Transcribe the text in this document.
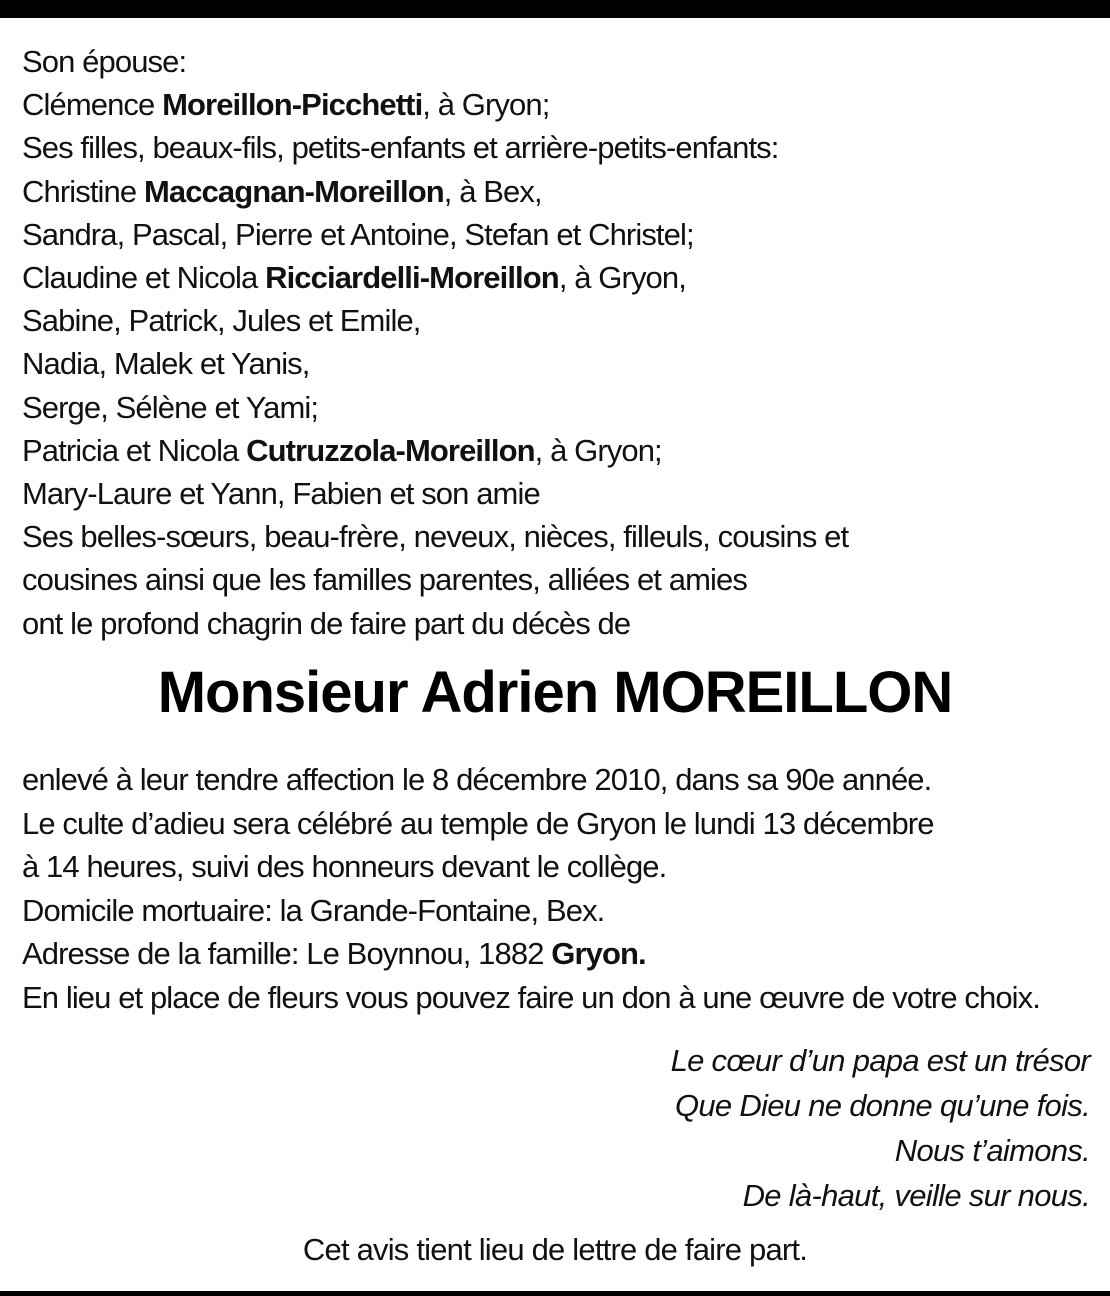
Son épouse:
Clémence Moreillon-Picchetti, à Gryon;
Ses filles, beaux-fils, petits-enfants et arrière-petits-enfants:
Christine Maccagnan-Moreillon, à Bex,
Sandra, Pascal, Pierre et Antoine, Stefan et Christel;
Claudine et Nicola Ricciardelli-Moreillon, à Gryon,
Sabine, Patrick, Jules et Emile,
Nadia, Malek et Yanis,
Serge, Sélène et Yami;
Patricia et Nicola Cutruzzola-Moreillon, à Gryon;
Mary-Laure et Yann, Fabien et son amie
Ses belles-sœurs, beau-frère, neveux, nièces, filleuls, cousins et
cousines ainsi que les familles parentes, alliées et amies
ont le profond chagrin de faire part du décès de
Monsieur Adrien MOREILLON
enlevé à leur tendre affection le 8 décembre 2010, dans sa 90e année.
Le culte d’adieu sera célébré au temple de Gryon le lundi 13 décembre
à 14 heures, suivi des honneurs devant le collège.
Domicile mortuaire: la Grande-Fontaine, Bex.
Adresse de la famille: Le Boynnou, 1882 Gryon.
En lieu et place de fleurs vous pouvez faire un don à une œuvre de votre choix.
Le cœur d’un papa est un trésor
Que Dieu ne donne qu’une fois.
Nous t’aimons.
De là-haut, veille sur nous.
Cet avis tient lieu de lettre de faire part.
